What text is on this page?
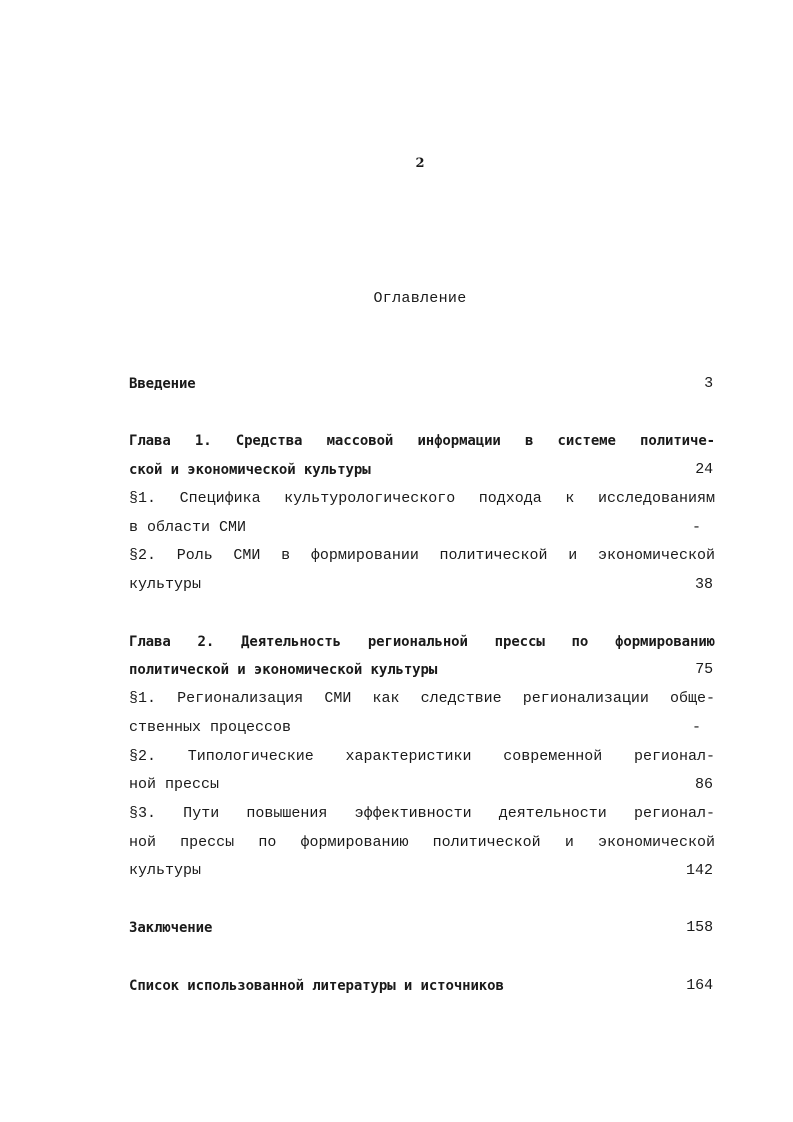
2
Оглавление
Введение	3
Глава 1. Средства массовой информации в системе политиче-
ской и экономической культуры	24
§1. Специфика культурологического подхода к исследованиям
в области СМИ	-
§2. Роль СМИ в формировании политической и экономической
культуры	38
Глава 2. Деятельность региональной прессы по формированию
политической и экономической культуры	75
§1. Регионализация СМИ как следствие регионализации обще-
ственных процессов	-
§2. Типологические характеристики современной регионал-
ной прессы	86
§3. Пути повышения эффективности деятельности регионал-
ной прессы по формированию политической и экономической
культуры	142
Заключение	158
Список использованной литературы и источников	164
